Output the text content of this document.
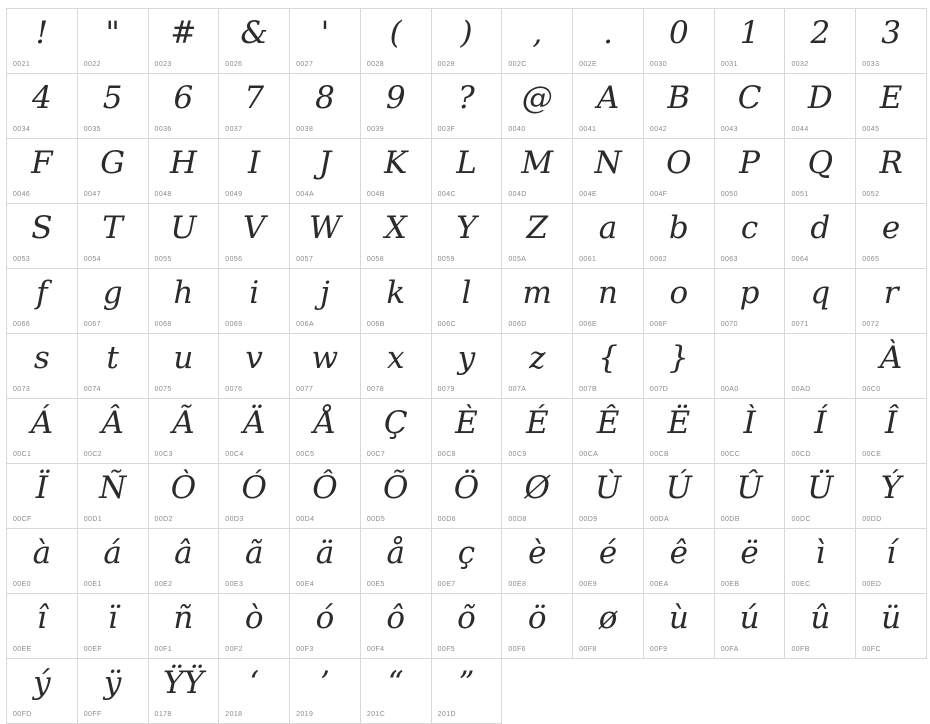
!
0021
"
0022
#
0023
&
0026
'
0027
(
0028
)
0029
,
002C
.
002E
0
0030
1
0031
2
0032
3
0033
4
0034
5
0035
6
0036
7
0037
8
0038
9
0039
?
003F
@
0040
A
0041
B
0042
C
0043
D
0044
E
0045
F
0046
G
0047
H
0048
I
0049
J
004A
K
004B
L
004C
M
004D
N
004E
O
004F
P
0050
Q
0051
R
0052
S
0053
T
0054
U
0055
V
0056
W
0057
X
0058
Y
0059
Z
005A
a
0061
b
0062
c
0063
d
0064
e
0065
f
0066
g
0067
h
0068
i
0069
j
006A
k
006B
l
006C
m
006D
n
006E
o
006F
p
0070
q
0071
r
0072
s
0073
t
0074
u
0075
v
0076
w
0077
x
0078
y
0079
z
007A
{
007B
}
007D	00A0	00AD
À
00C0
Á
00C1
Â
00C2
Ã
00C3
Ä
00C4
Å
00C5
Ç
00C7
È
00C8
É
00C9
Ê
00CA
Ë
00CB
Ì
00CC
Í
00CD
Î
00CE
Ï
00CF
Ñ
00D1
Ò
00D2
Ó
00D3
Ô
00D4
Õ
00D5
Ö
00D6
Ø
00D8
Ù
00D9
Ú
00DA
Û
00DB
Ü
00DC
Ý
00DD
à
00E0
á
00E1
â
00E2
ã
00E3
ä
00E4
å
00E5
ç
00E7
è
00E8
é
00E9
ê
00EA
ë
00EB
ì
00EC
í
00ED
î
00EE
ï
00EF
ñ
00F1
ò
00F2
ó
00F3
ô
00F4
õ
00F5
ö
00F6
ø
00F8
ù
00F9
ú
00FA
û
00FB
ü
00FC
ý
00FD
ÿ
00FF
ŸŸ
0178
‘
2018
’
2019
“
201C
”
201D
